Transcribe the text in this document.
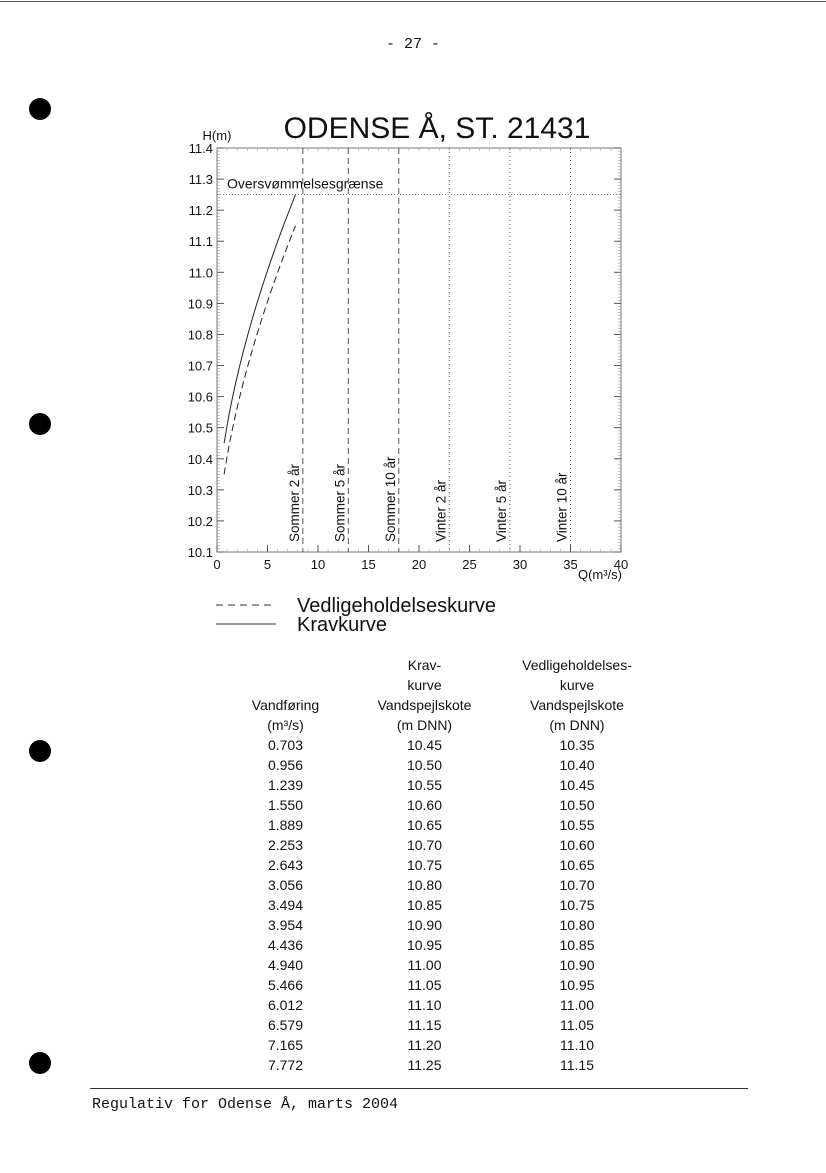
- 27 -
ODENSE Å, ST. 21431
H(m)
Q(m³/s)
10.1
10.2
10.3
10.4
10.5
10.6
10.7
10.8
10.9
11.0
11.1
11.2
11.3
11.4
0	5	10	15	20	25	30	35	40
Oversvømmelsesgrænse
Sommer 2 år Sommer 5 år	Sommer 10 år	Vinter 2 år	Vinter 5 år	Vinter 10 år
Vedligeholdelseskurve
Kravkurve
	Krav-	Vedligeholdelses-
	kurve	kurve
Vandføring	Vandspejlskote	Vandspejlskote
(m³/s)	(m DNN)	(m DNN)
0.703	10.45	10.35
0.956	10.50	10.40
1.239	10.55	10.45
1.550	10.60	10.50
1.889	10.65	10.55
2.253	10.70	10.60
2.643	10.75	10.65
3.056	10.80	10.70
3.494	10.85	10.75
3.954	10.90	10.80
4.436	10.95	10.85
4.940	11.00	10.90
5.466	11.05	10.95
6.012	11.10	11.00
6.579	11.15	11.05
7.165	11.20	11.10
7.772	11.25	11.15
Regulativ for Odense Å, marts 2004
